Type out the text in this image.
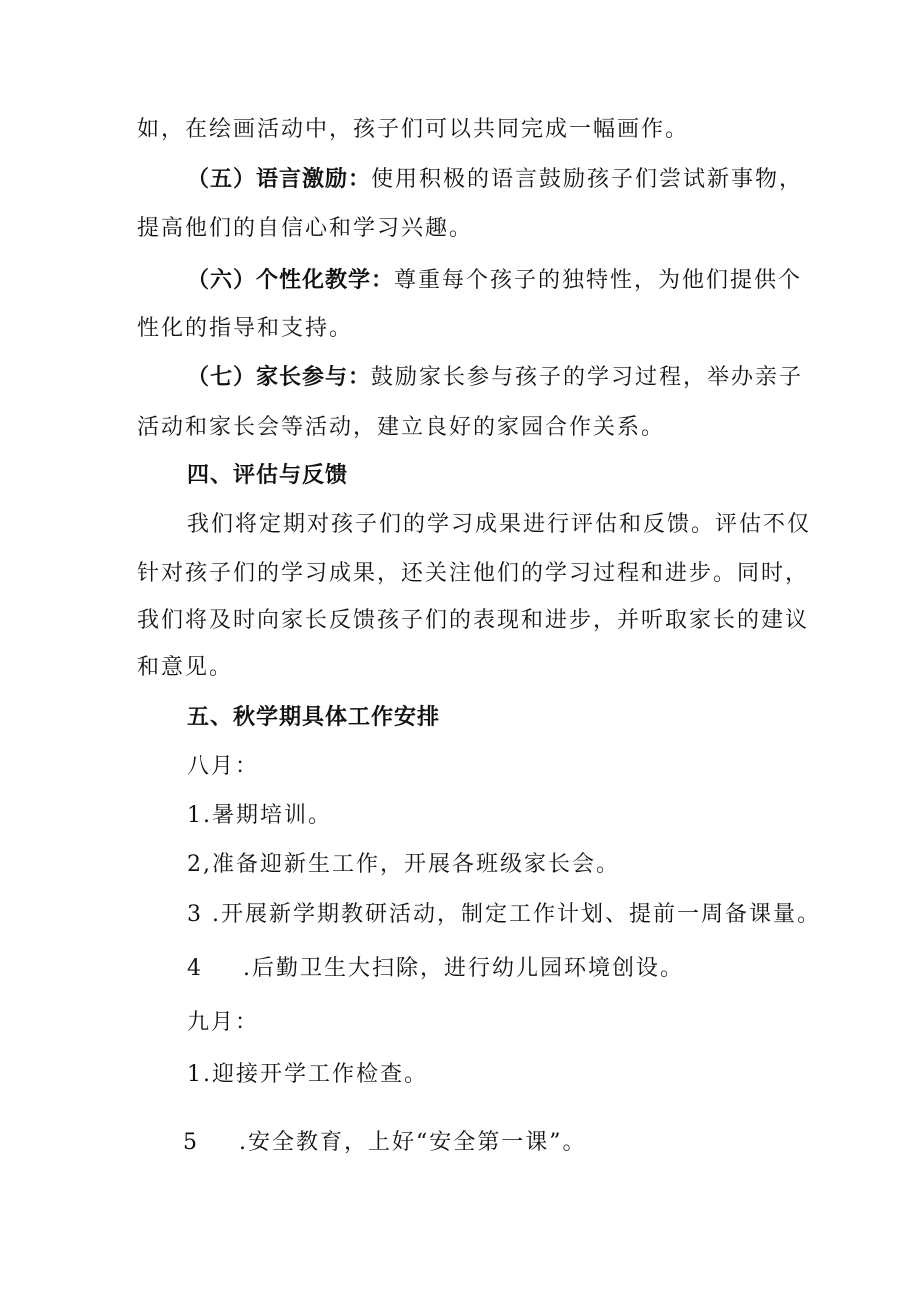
如，在绘画活动中，孩子们可以共同完成一幅画作。
（五）语言激励：使用积极的语言鼓励孩子们尝试新事物，
提高他们的自信心和学习兴趣。
（六）个性化教学：尊重每个孩子的独特性，为他们提供个
性化的指导和支持。
（七）家长参与：鼓励家长参与孩子的学习过程，举办亲子
活动和家长会等活动，建立良好的家园合作关系。
四、评估与反馈
我们将定期对孩子们的学习成果进行评估和反馈。评估不仅
针对孩子们的学习成果，还关注他们的学习过程和进步。同时，
我们将及时向家长反馈孩子们的表现和进步，并听取家长的建议
和意见。
五、秋学期具体工作安排
八月：
1.暑期培训。
2,准备迎新生工作，开展各班级家长会。
3 .开展新学期教研活动，制定工作计划、提前一周备课量。
4 .后勤卫生大扫除，进行幼儿园环境创设。
九月：
1.迎接开学工作检查。
5 .安全教育，上好“安全第一课”。
